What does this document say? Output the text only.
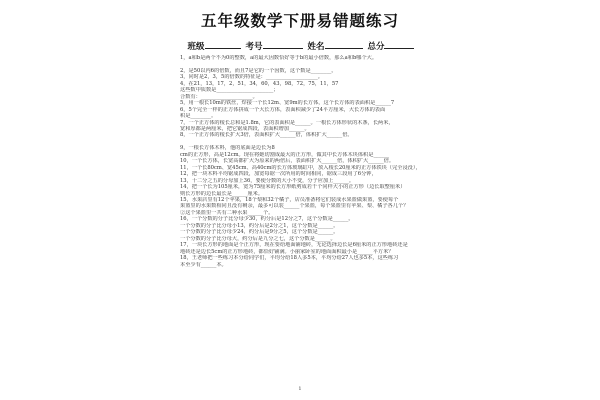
五年级数学下册易错题练习
班级	考号	姓名	总分
1，a和b是两个不为0的整数，a的最大因数恰好等于b的最小倍数，那么a和b哪个大。

2，是50以内6的倍数，而且7是它的一个因数，这个数是________。
3，同时是2，3，5的倍数的特征是：____________________。
4，在21，13，17，2，51，34，60，43，98，72，75，11，57
这些数中质数是______________________；
合数有：____________________。
5，用一根长10m的铁丝，焊接一个长12m、宽9m的长方体，这个长方体的表面积是______7
6，5个完全一样的正方体拼成一个大长方体，表面积减少了24平方厘米，大长方体的表面
积是________。
7，一个正方体的棱长总和是1.8m，它的表面积是______。一根长方体形状的木条，长两米，
宽和厚都是两厘米，把它锯成四段，表面积增加______。
8，一个正方体的棱长扩大3倍，表面积扩大______倍，体积扩大______倍。

9，一根长方体木料，他的底面是边长为8
cm的正方形，高是12cm。现在将她切割成最大的正方形，做其中长方体木块体积是______
10，一个长方体，长宽高都扩大为原来的两倍后，表面积扩大______倍，体积扩大______倍。
11，一个长80cm、宽45cm、高40cm的长方体玻璃缸中，放入棱长20厘米的正方体铁块（完全浸没），
12，把一块木料平均锯成四段，加宽每锯一次所用的时间相同，锯成三段用了6分钟，
13，十二分之五的分母加上36，要使分数的大小不变，分子应加上______。
14，把一个长为105厘米，宽为75厘米的长方形纸剪成若干个同样大小的正方形（边长取整厘米）
则长方形的边长最长是______厘米。
15，水果店里有12个苹果，18个梨和32个橘子，店员准备将它们装成水果篮做果篮，要使每个
果篮里的水果数相同且没有剩余，最多可以装______个果篮，每个果篮里有苹果、梨、橘子各几个？
②这个果篮里一共有二种水果______个。
16，一个分数的分子比分母少30，约分后是12分之7，这个分数是______。
一个分数的分子比分母小13，约分后是2分之1，这个分数是______。
一个分数的分子比分母少24，约分后是9分之5，这个分数是______。
一个分数的分子比分母大，约分后是九分之七，这个分数是______。
17，一块长方形的地面是个正方形，现在要给地面铺地砖，无论选择边长是6厘米的正方形地砖还是
地砖还是边长5cm的正方形地砖，都恰好铺满。小丽家卧室的地面面积最小是______平方米？
18，王老师把一些练习本分给同学们，平均分给18人多5本，平均分给27人也多5本，这些练习
本至少有______本。
1
